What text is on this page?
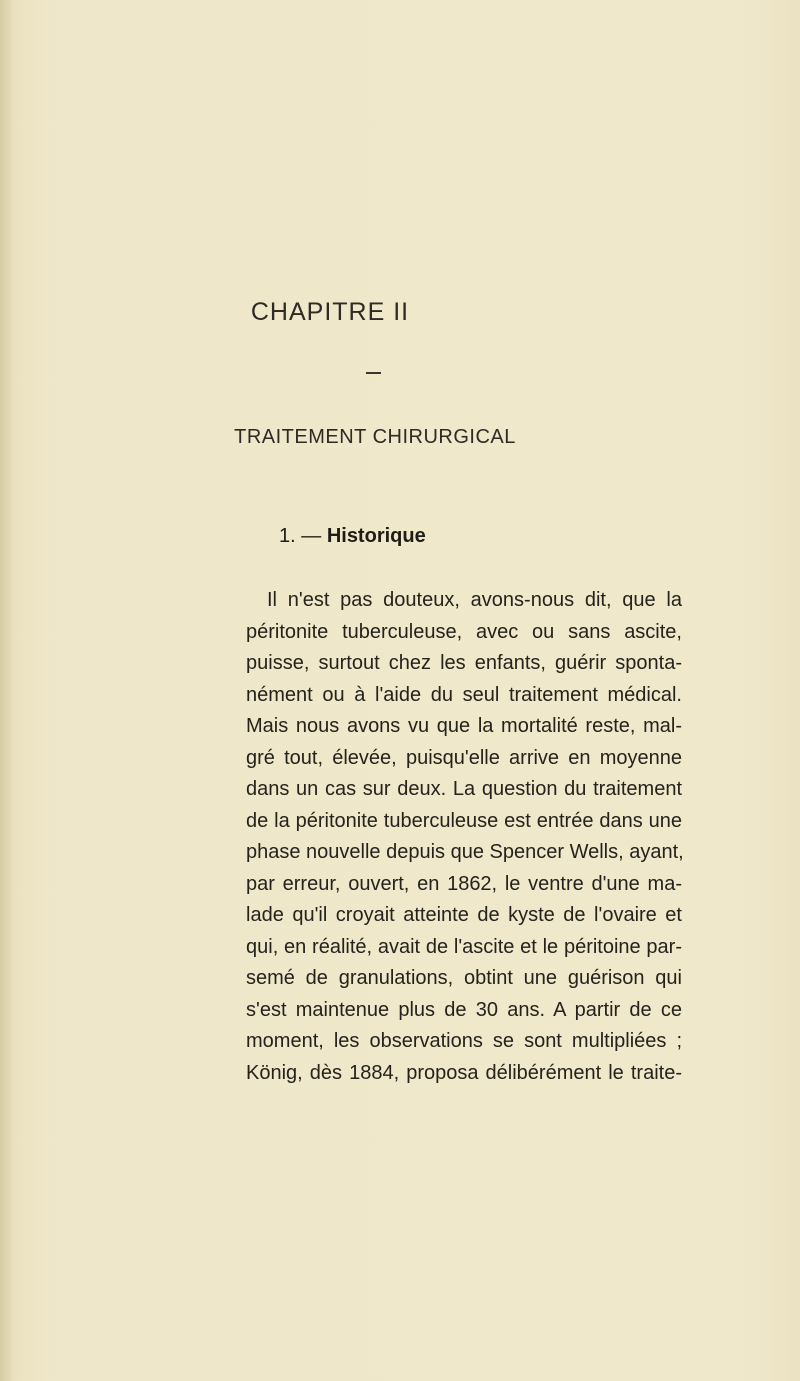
CHAPITRE II
TRAITEMENT CHIRURGICAL
1. — Historique
Il n'est pas douteux, avons-nous dit, que la
péritonite tuberculeuse, avec ou sans ascite,
puisse, surtout chez les enfants, guérir sponta-
nément ou à l'aide du seul traitement médical.
Mais nous avons vu que la mortalité reste, mal-
gré tout, élevée, puisqu'elle arrive en moyenne
dans un cas sur deux. La question du traitement
de la péritonite tuberculeuse est entrée dans une
phase nouvelle depuis que Spencer Wells, ayant,
par erreur, ouvert, en 1862, le ventre d'une ma-
lade qu'il croyait atteinte de kyste de l'ovaire et
qui, en réalité, avait de l'ascite et le péritoine par-
semé de granulations, obtint une guérison qui
s'est maintenue plus de 30 ans. A partir de ce
moment, les observations se sont multipliées ;
König, dès 1884, proposa délibérément le traite-
